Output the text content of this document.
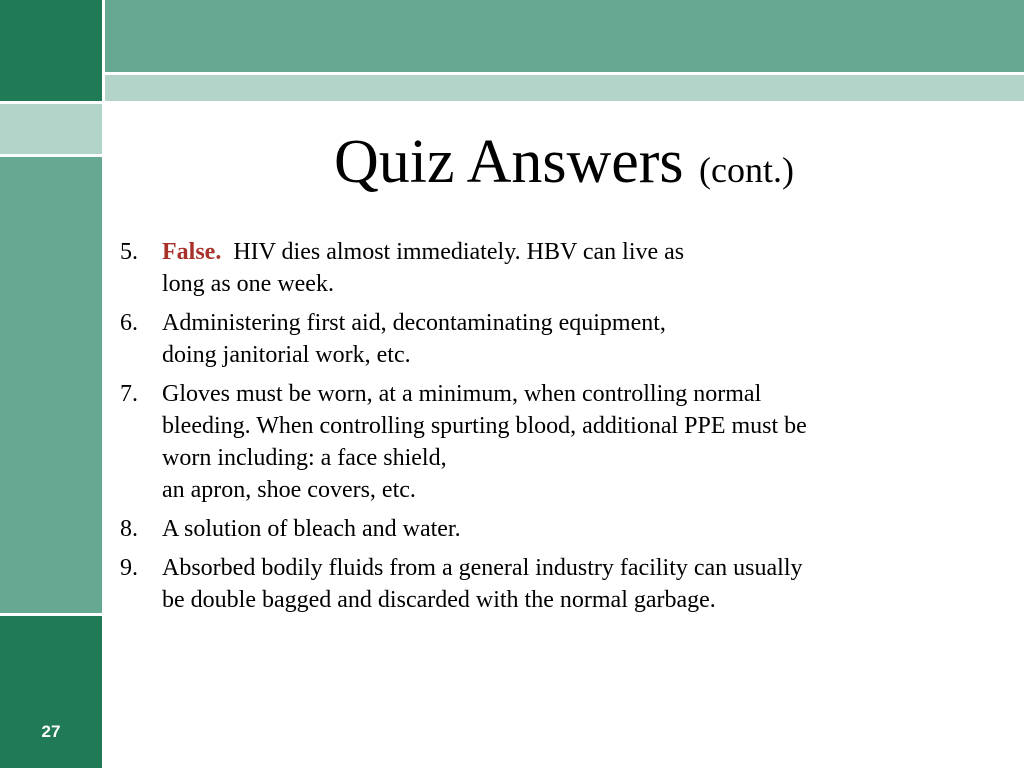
Quiz Answers (cont.)
5. False. HIV dies almost immediately. HBV can live as
long as one week.
6. Administering first aid, decontaminating equipment,
doing janitorial work, etc.
7. Gloves must be worn, at a minimum, when controlling normal
bleeding. When controlling spurting blood, additional PPE must be
worn including: a face shield,
an apron, shoe covers, etc.
8. A solution of bleach and water.
9. Absorbed bodily fluids from a general industry facility can usually
be double bagged and discarded with the normal garbage.
27
